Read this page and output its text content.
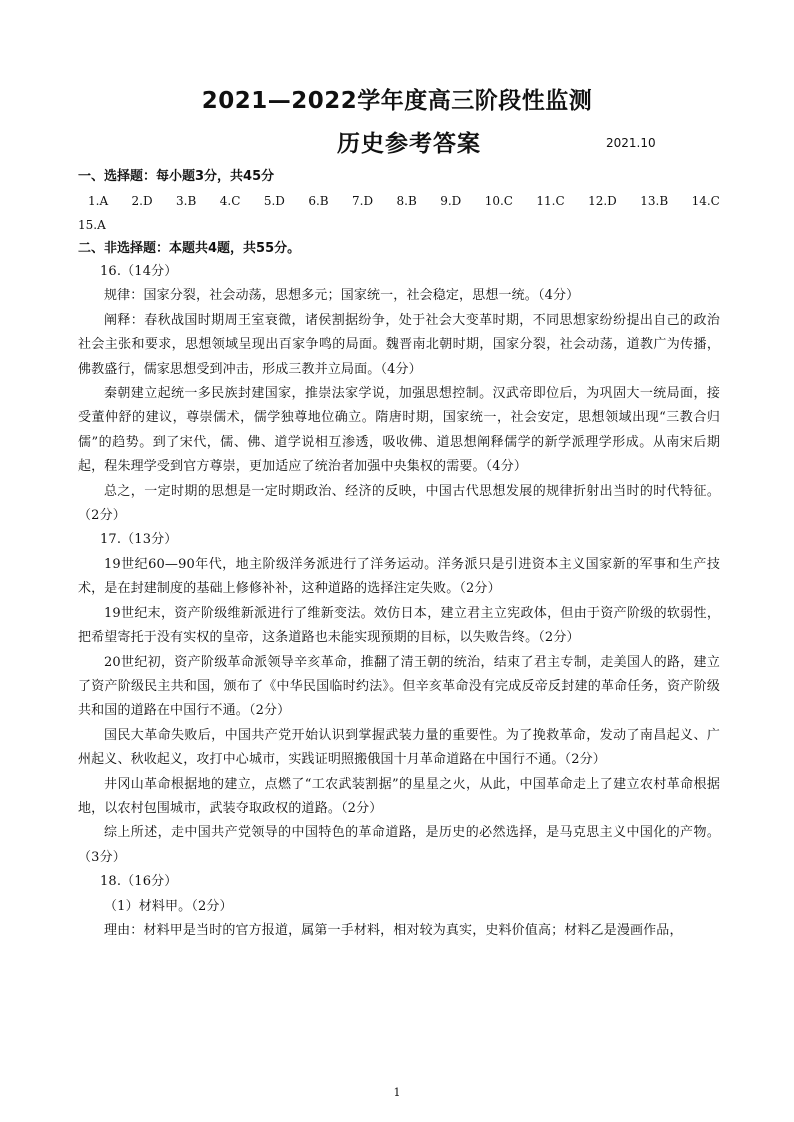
2021—2022学年度高三阶段性监测
历史参考答案	2021.10
一、选择题：每小题3分，共45分
1.A 2.D 3.B 4.C 5.D 6.B 7.D 8.B 9.D 10.C 11.C 12.D 13.B 14.C
15.A
二、非选择题：本题共4题，共55分。

16.（14分）

规律：国家分裂，社会动荡，思想多元；国家统一，社会稳定，思想一统。（4分）

阐释：春秋战国时期周王室衰微，诸侯割据纷争，处于社会大变革时期，不同思想家纷纷提出自己的政治社会主张和要求，思想领域呈现出百家争鸣的局面。魏晋南北朝时期，国家分裂，社会动荡，道教广为传播，佛教盛行，儒家思想受到冲击，形成三教并立局面。（4分）

秦朝建立起统一多民族封建国家，推崇法家学说，加强思想控制。汉武帝即位后，为巩固大一统局面，接受董仲舒的建议，尊崇儒术，儒学独尊地位确立。隋唐时期，国家统一，社会安定，思想领域出现“三教合归儒”的趋势。到了宋代，儒、佛、道学说相互渗透，吸收佛、道思想阐释儒学的新学派理学形成。从南宋后期起，程朱理学受到官方尊崇，更加适应了统治者加强中央集权的需要。（4分）

总之，一定时期的思想是一定时期政治、经济的反映，中国古代思想发展的规律折射出当时的时代特征。（2分）

17.（13分）

19世纪60—90年代，地主阶级洋务派进行了洋务运动。洋务派只是引进资本主义国家新的军事和生产技术，是在封建制度的基础上修修补补，这种道路的选择注定失败。（2分）

19世纪末，资产阶级维新派进行了维新变法。效仿日本，建立君主立宪政体，但由于资产阶级的软弱性，把希望寄托于没有实权的皇帝，这条道路也未能实现预期的目标，以失败告终。（2分）

20世纪初，资产阶级革命派领导辛亥革命，推翻了清王朝的统治，结束了君主专制，走美国人的路，建立了资产阶级民主共和国，颁布了《中华民国临时约法》。但辛亥革命没有完成反帝反封建的革命任务，资产阶级共和国的道路在中国行不通。（2分）

国民大革命失败后，中国共产党开始认识到掌握武装力量的重要性。为了挽救革命，发动了南昌起义、广州起义、秋收起义，攻打中心城市，实践证明照搬俄国十月革命道路在中国行不通。（2分）

井冈山革命根据地的建立，点燃了“工农武装割据”的星星之火，从此，中国革命走上了建立农村革命根据地，以农村包围城市，武装夺取政权的道路。（2分）

综上所述，走中国共产党领导的中国特色的革命道路，是历史的必然选择，是马克思主义中国化的产物。（3分）

18.（16分）

（1）材料甲。（2分）

理由：材料甲是当时的官方报道，属第一手材料，相对较为真实，史料价值高；材料乙是漫画作品，

1
